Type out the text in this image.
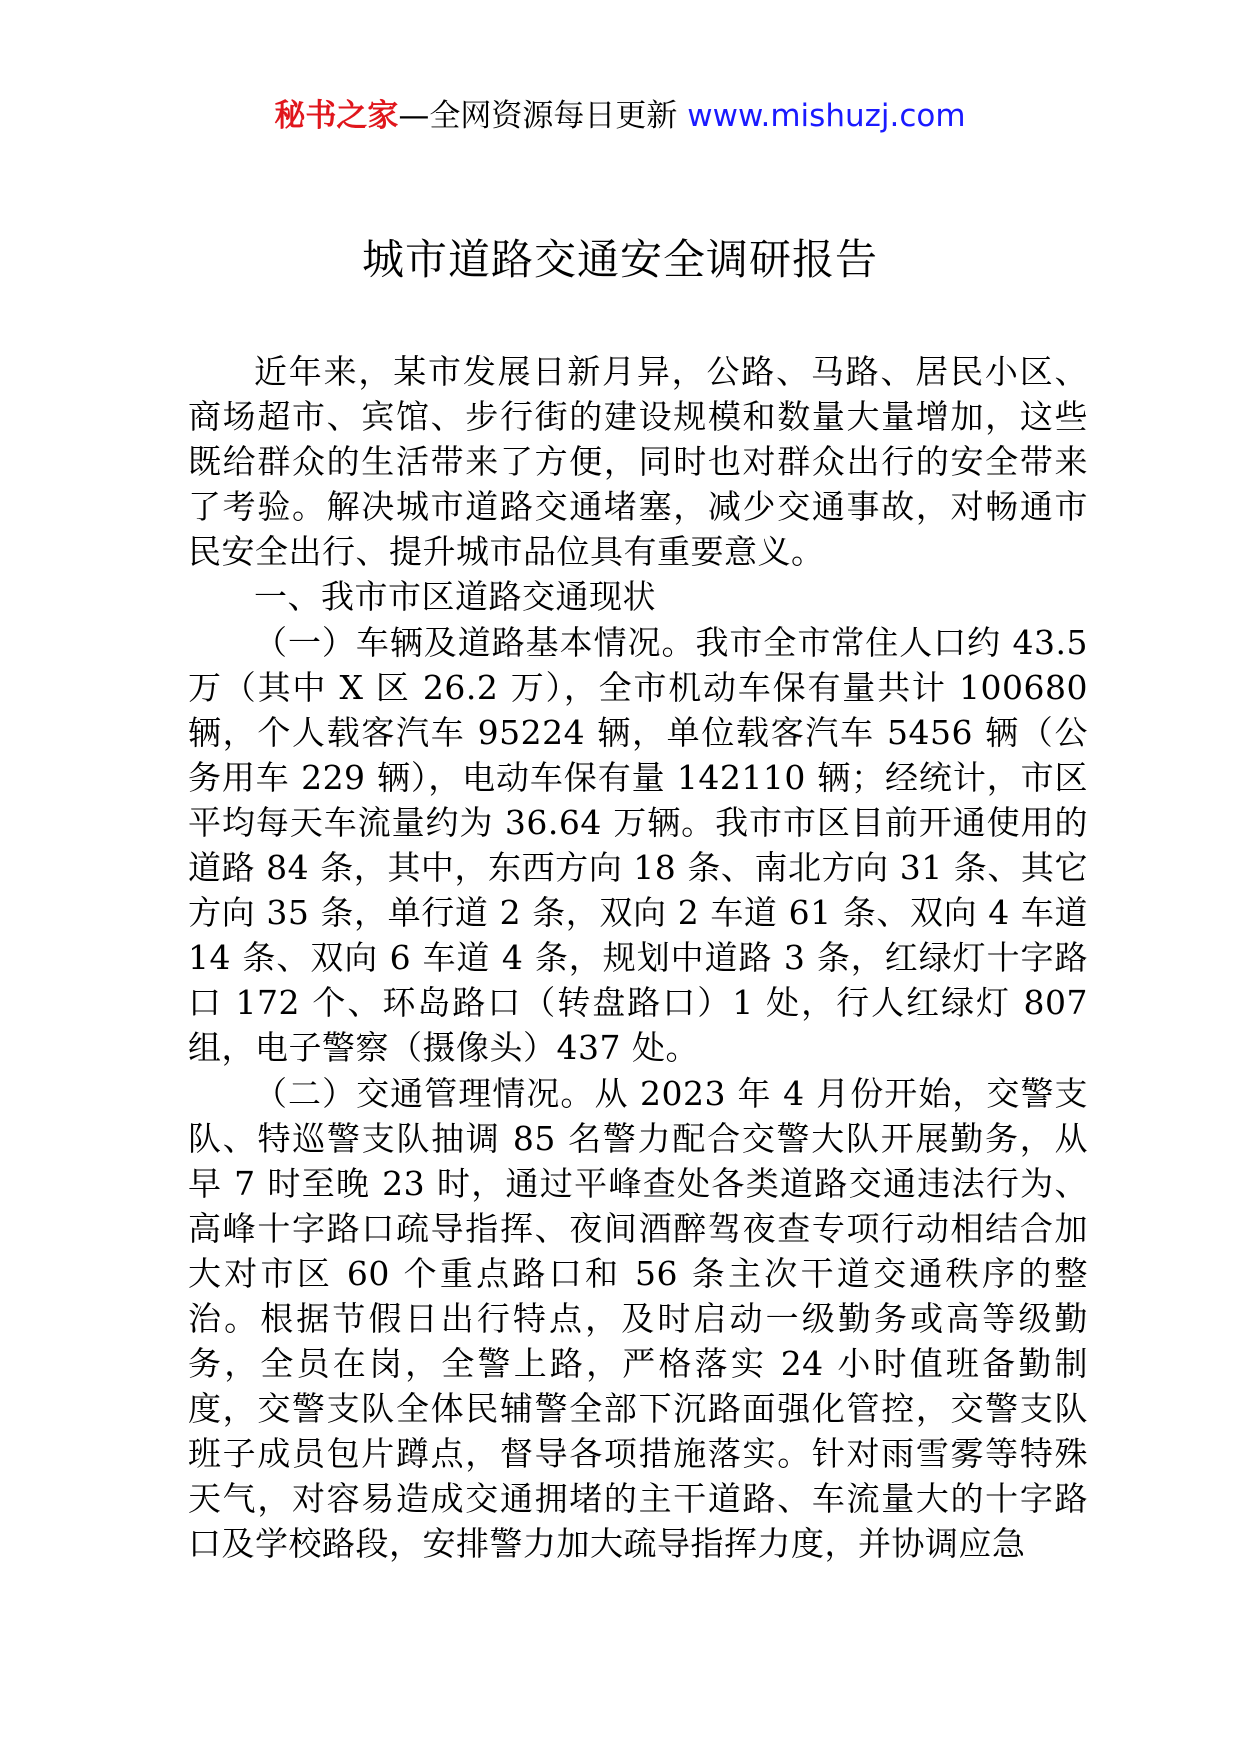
秘书之家—全网资源每日更新 www.mishuzj.com
城市道路交通安全调研报告

近年来，某市发展日新月异，公路、马路、居民小区、商场超市、宾馆、步行街的建设规模和数量大量增加，这些既给群众的生活带来了方便，同时也对群众出行的安全带来了考验。解决城市道路交通堵塞，减少交通事故，对畅通市民安全出行、提升城市品位具有重要意义。

一、我市市区道路交通现状

（一）车辆及道路基本情况。我市全市常住人口约 43.5 万（其中 X 区 26.2 万），全市机动车保有量共计 100680 辆，个人载客汽车 95224 辆，单位载客汽车 5456 辆（公务用车 229 辆），电动车保有量 142110 辆；经统计，市区平均每天车流量约为 36.64 万辆。我市市区目前开通使用的道路 84 条，其中，东西方向 18 条、南北方向 31 条、其它方向 35 条，单行道 2 条，双向 2 车道 61 条、双向 4 车道 14 条、双向 6 车道 4 条，规划中道路 3 条，红绿灯十字路口 172 个、环岛路口（转盘路口）1 处，行人红绿灯 807 组，电子警察（摄像头）437 处。

（二）交通管理情况。从 2023 年 4 月份开始，交警支队、特巡警支队抽调 85 名警力配合交警大队开展勤务，从早 7 时至晚 23 时，通过平峰查处各类道路交通违法行为、高峰十字路口疏导指挥、夜间酒醉驾夜查专项行动相结合加大对市区 60 个重点路口和 56 条主次干道交通秩序的整治。根据节假日出行特点，及时启动一级勤务或高等级勤务，全员在岗，全警上路，严格落实 24 小时值班备勤制度，交警支队全体民辅警全部下沉路面强化管控，交警支队班子成员包片蹲点，督导各项措施落实。针对雨雪雾等特殊天气，对容易造成交通拥堵的主干道路、车流量大的十字路口及学校路段，安排警力加大疏导指挥力度，并协调应急
